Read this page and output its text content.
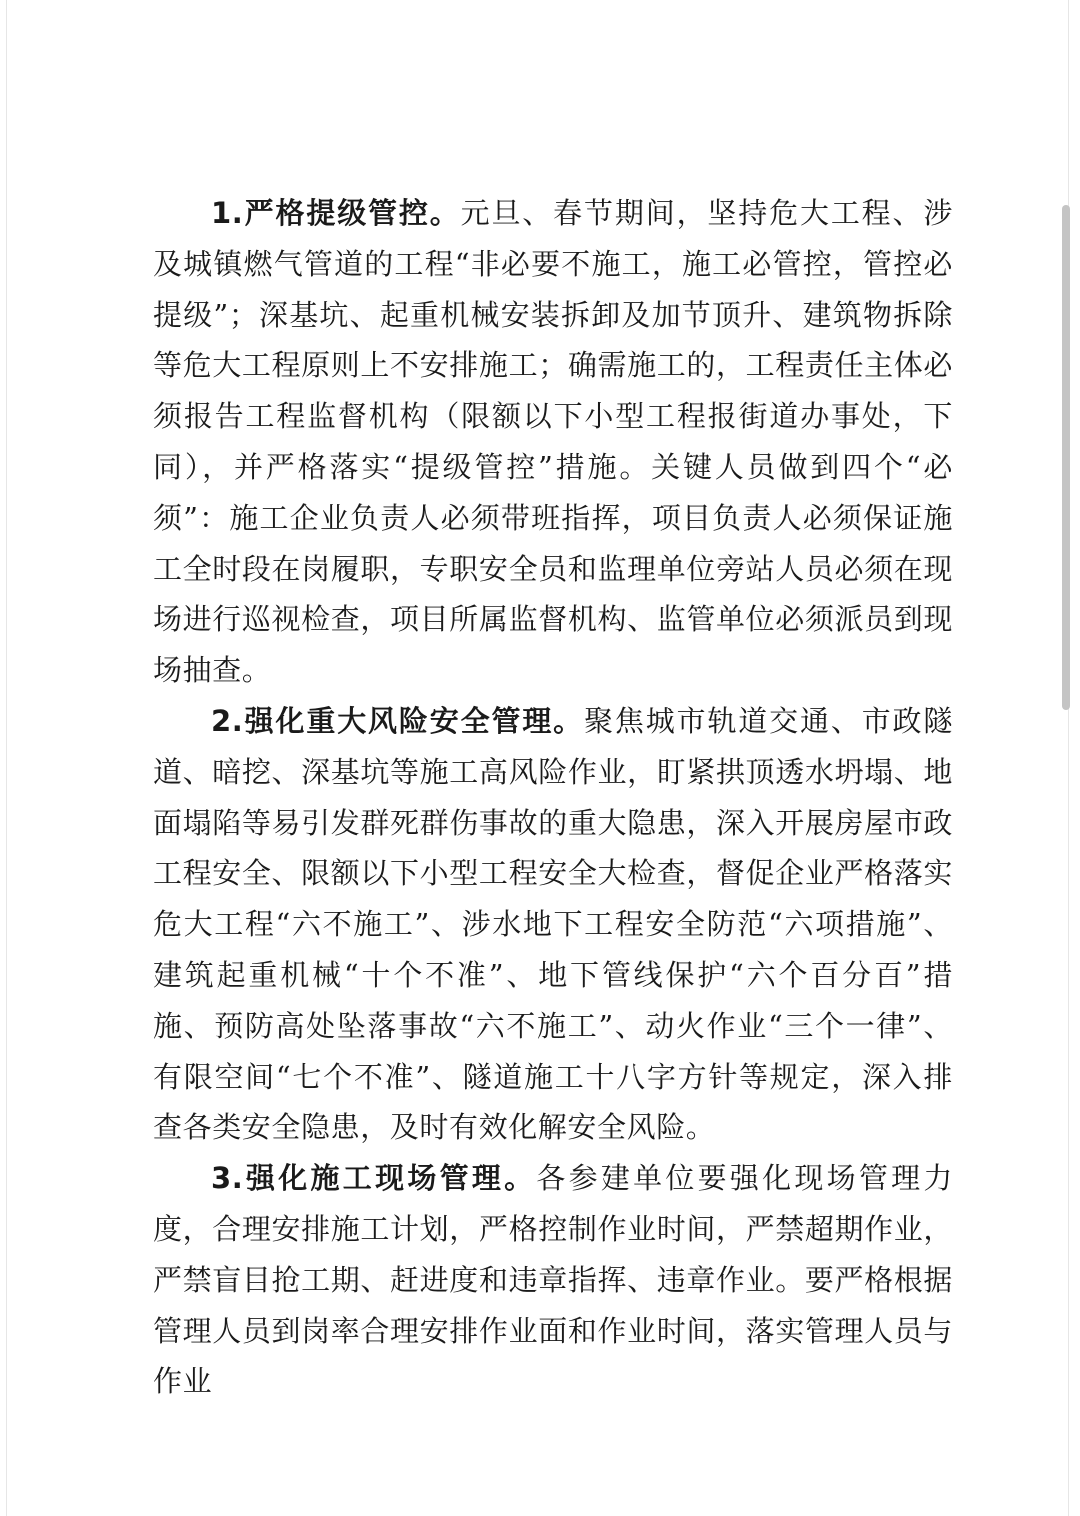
1.严格提级管控。元旦、春节期间，坚持危大工程、涉及城镇燃气管道的工程“非必要不施工，施工必管控，管控必提级”；深基坑、起重机械安装拆卸及加节顶升、建筑物拆除等危大工程原则上不安排施工；确需施工的，工程责任主体必须报告工程监督机构（限额以下小型工程报街道办事处，下同），并严格落实“提级管控”措施。关键人员做到四个“必须”：施工企业负责人必须带班指挥，项目负责人必须保证施工全时段在岗履职，专职安全员和监理单位旁站人员必须在现场进行巡视检查，项目所属监督机构、监管单位必须派员到现场抽查。

2.强化重大风险安全管理。聚焦城市轨道交通、市政隧道、暗挖、深基坑等施工高风险作业，盯紧拱顶透水坍塌、地面塌陷等易引发群死群伤事故的重大隐患，深入开展房屋市政工程安全、限额以下小型工程安全大检查，督促企业严格落实危大工程“六不施工”、涉水地下工程安全防范“六项措施”、建筑起重机械“十个不准”、地下管线保护“六个百分百”措施、预防高处坠落事故“六不施工”、动火作业“三个一律”、有限空间“七个不准”、隧道施工十八字方针等规定，深入排查各类安全隐患，及时有效化解安全风险。

3.强化施工现场管理。各参建单位要强化现场管理力度，合理安排施工计划，严格控制作业时间，严禁超期作业，严禁盲目抢工期、赶进度和违章指挥、违章作业。要严格根据管理人员到岗率合理安排作业面和作业时间，落实管理人员与作业
